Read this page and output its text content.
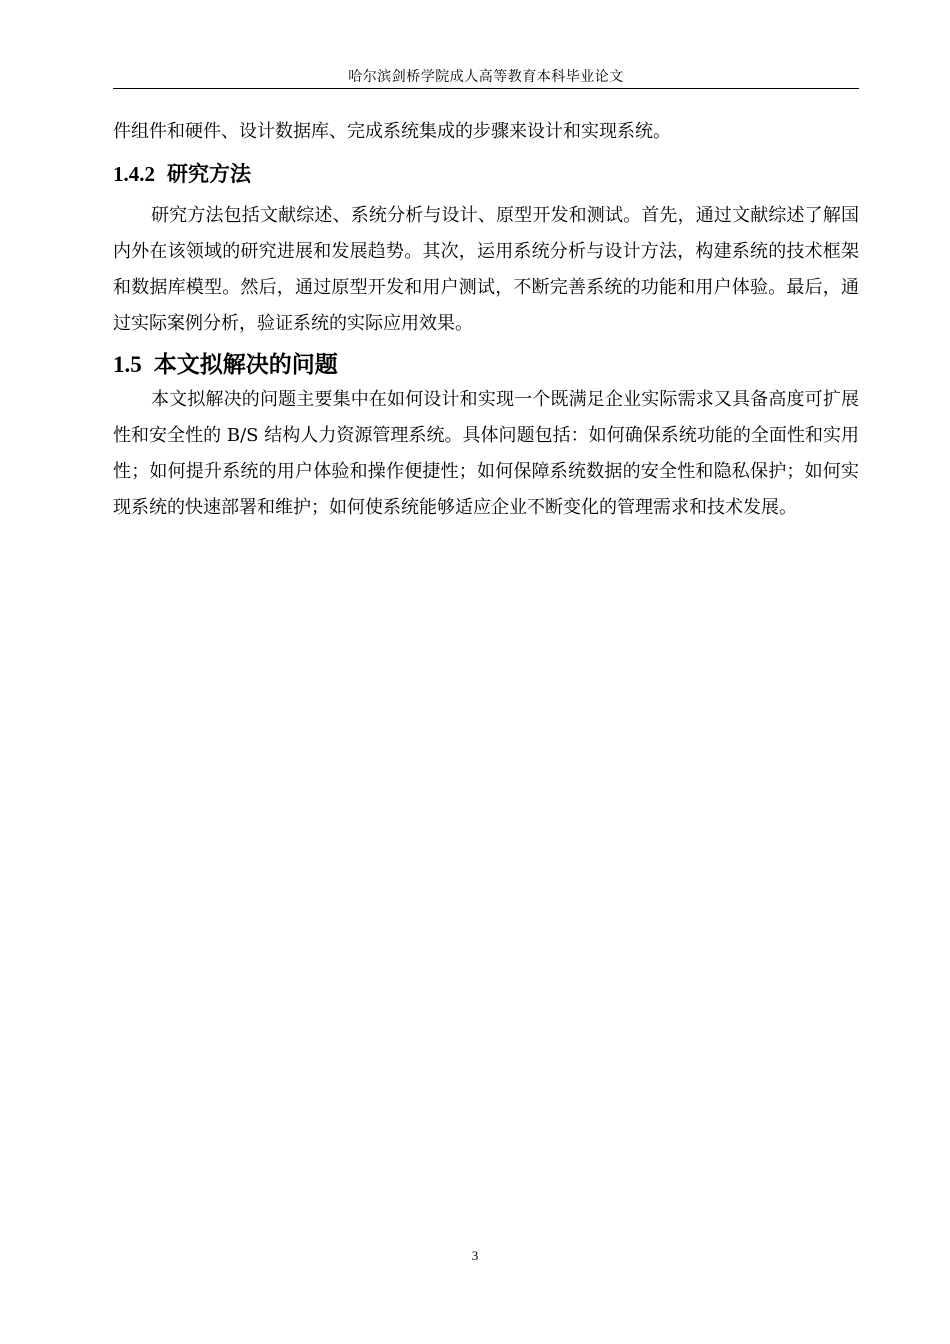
哈尔滨剑桥学院成人高等教育本科毕业论文

件组件和硬件、设计数据库、完成系统集成的步骤来设计和实现系统。

1.4.2 研究方法

研究方法包括文献综述、系统分析与设计、原型开发和测试。首先，通过文献综述了解国内外在该领域的研究进展和发展趋势。其次，运用系统分析与设计方法，构建系统的技术框架和数据库模型。然后，通过原型开发和用户测试，不断完善系统的功能和用户体验。最后，通过实际案例分析，验证系统的实际应用效果。

1.5 本文拟解决的问题

本文拟解决的问题主要集中在如何设计和实现一个既满足企业实际需求又具备高度可扩展性和安全性的 B/S 结构人力资源管理系统。具体问题包括：如何确保系统功能的全面性和实用性；如何提升系统的用户体验和操作便捷性；如何保障系统数据的安全性和隐私保护；如何实现系统的快速部署和维护；如何使系统能够适应企业不断变化的管理需求和技术发展。

3
